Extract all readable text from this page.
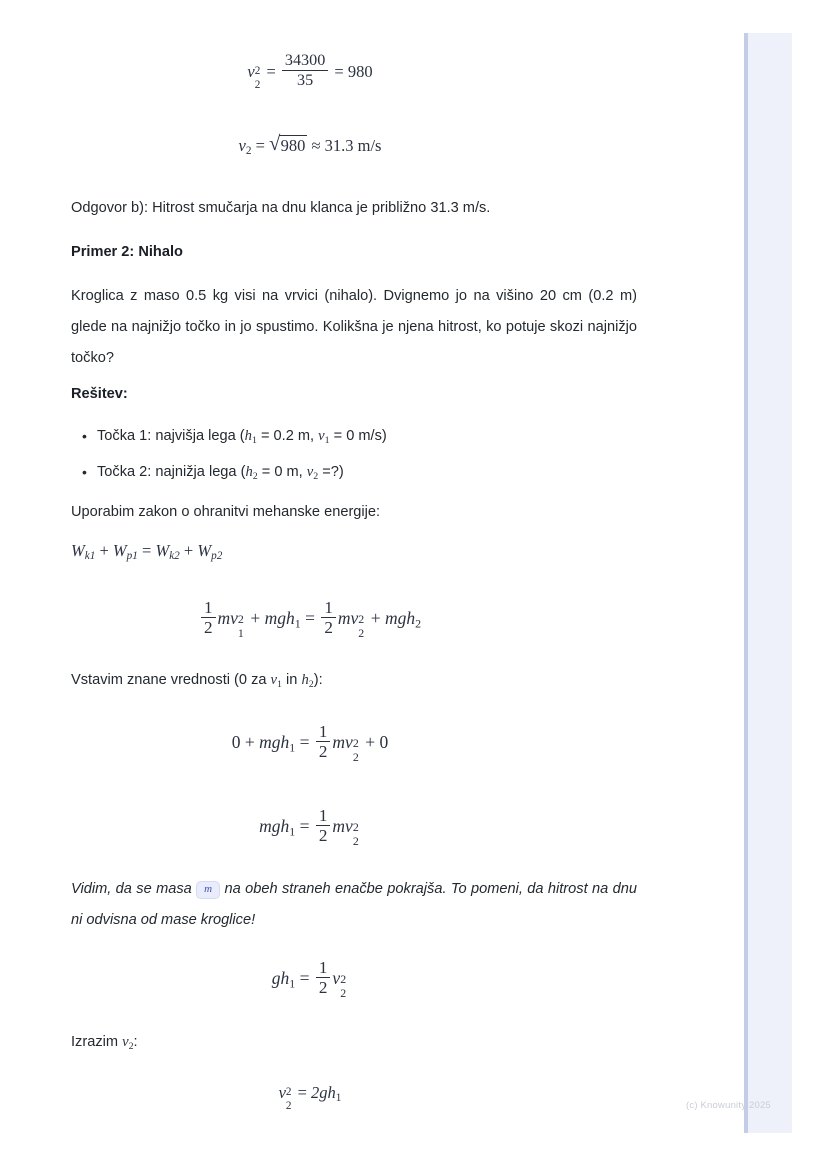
v 2
2
= $\frac{34300}{35} = 980$
$v_2$ = √ 980 ≈ 31.3 m/s

Odgovor b): Hitrost smučarja na dnu klanca je približno 31.3 m/s.

Primer 2: Nihalo

Kroglica z maso 0.5 kg visi na vrvici (nihalo). Dvignemo jo na višino 20 cm (0.2 m) glede na najnižjo točko in jo spustimo. Kolikšna je njena hitrost, ko potuje skozi najnižjo točko?

Rešitev:

• Točka 1: najvišja lega ($h_1 = 0.2$ m, $v_1 = 0$ m/s)
• Točka 2: najnižja lega ($h_2 = 0$ m, $v_2$ =?)

Uporabim zakon o ohranitvi mehanske energije:

$W_{k1} + W_{p1} = W_{k2} + W_{p2}$
$\frac{1}{2}$ mv 2
1
+ $mgh_1 = \frac{1}{2}$ mv 2
2
+ mgh$_2$

Vstavim znane vrednosti (0 za $v_1$ in $h_2$):

$0 + mgh_1 = \frac{1}{2}$ mv 2
2
+ 0
$mgh_1 = \frac{1}{2}$ mv 2
2

Vidim, da se masa m na obeh straneh enačbe pokrajša. To pomeni, da hitrost na dnu ni odvisna od mase kroglice!

$gh_1 = \frac{1}{2}$ v 2
2

Izrazim $v_2$:

v 2
2
= $2gh_1$
(c) Knowunity 2025
